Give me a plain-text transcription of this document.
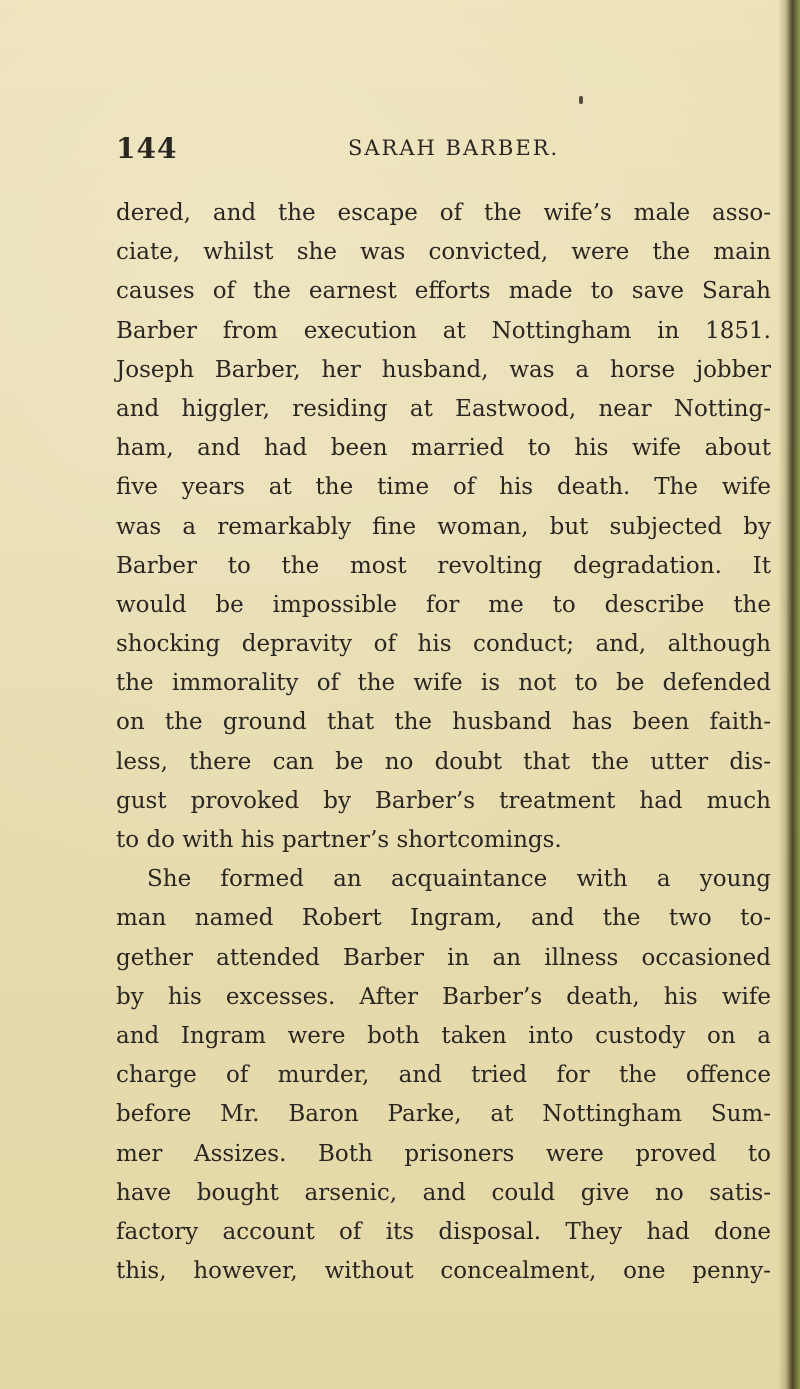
144	SARAH BARBER.
dered, and the escape of the wife’s male asso-
ciate, whilst she was convicted, were the main
causes of the earnest efforts made to save Sarah
Barber from execution at Nottingham in 1851.
Joseph Barber, her husband, was a horse jobber
and higgler, residing at Eastwood, near Notting-
ham, and had been married to his wife about
five years at the time of his death. The wife
was a remarkably fine woman, but subjected by
Barber to the most revolting degradation. It
would be impossible for me to describe the
shocking depravity of his conduct; and, although
the immorality of the wife is not to be defended
on the ground that the husband has been faith-
less, there can be no doubt that the utter dis-
gust provoked by Barber’s treatment had much
to do with his partner’s shortcomings.
She formed an acquaintance with a young
man named Robert Ingram, and the two to-
gether attended Barber in an illness occasioned
by his excesses. After Barber’s death, his wife
and Ingram were both taken into custody on a
charge of murder, and tried for the offence
before Mr. Baron Parke, at Nottingham Sum-
mer Assizes. Both prisoners were proved to
have bought arsenic, and could give no satis-
factory account of its disposal. They had done
this, however, without concealment, one penny-
